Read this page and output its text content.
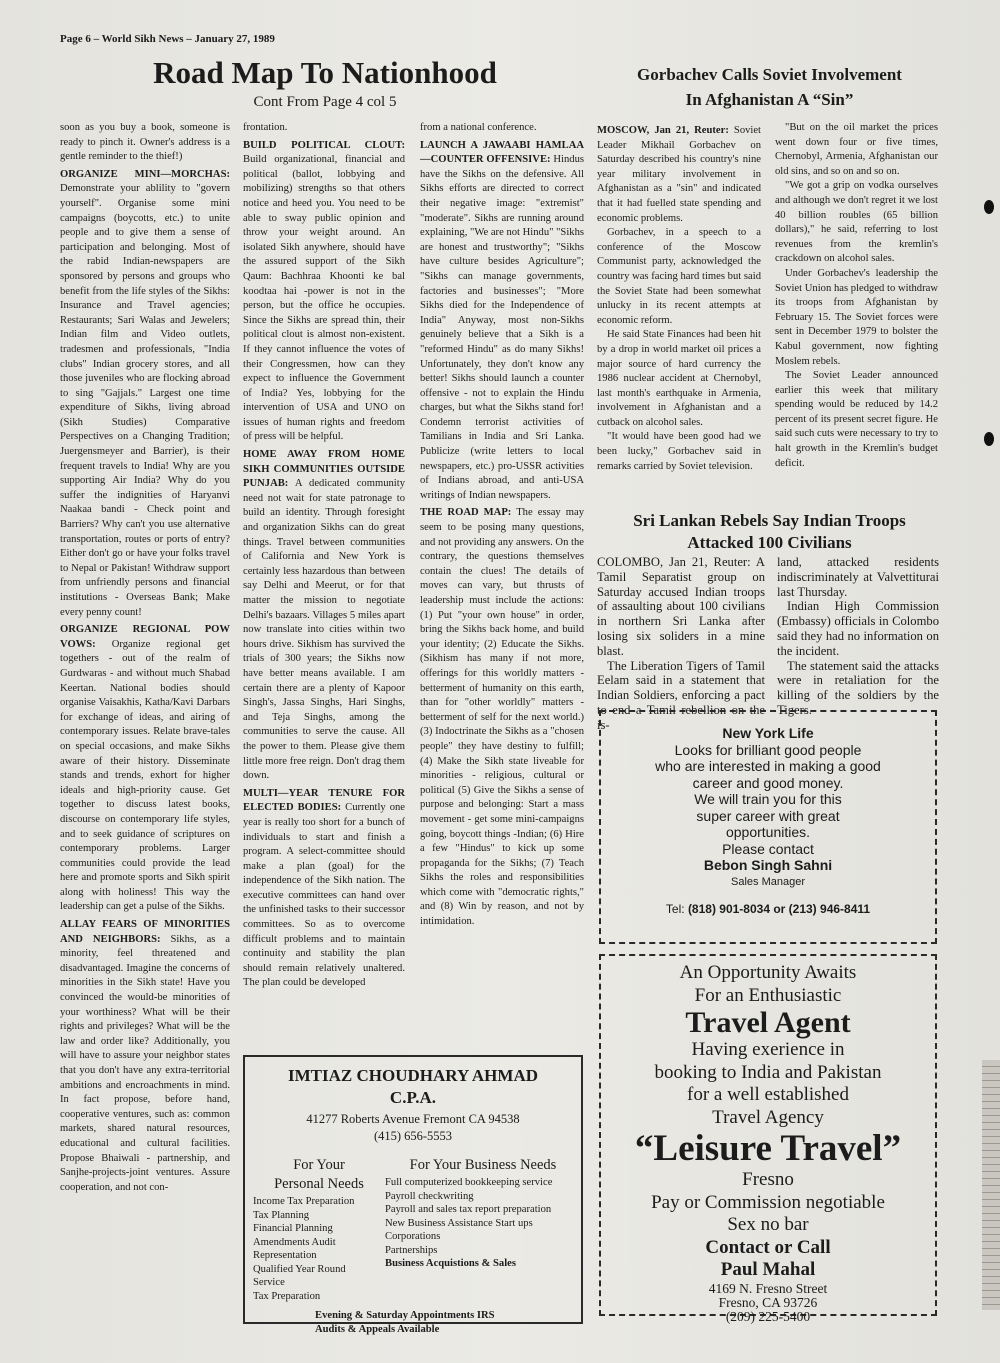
Page 6 – World Sikh News – January 27, 1989
Road Map To Nationhood
Cont From Page 4 col 5

soon as you buy a book, someone is ready to pinch it. Owner's address is a gentle reminder to the thief!)

ORGANIZE MINI—MORCHAS: Demonstrate your ablility to "govern yourself". Organise some mini campaigns (boycotts, etc.) to unite people and to give them a sense of participation and belonging. Most of the rabid Indian-newspapers are sponsored by persons and groups who benefit from the life styles of the Sikhs: Insurance and Travel agencies; Restaurants; Sari Walas and Jewelers; Indian film and Video outlets, tradesmen and professionals, "India clubs" Indian grocery stores, and all those juveniles who are flocking abroad to sing "Gajjals." Largest one time expenditure of Sikhs, living abroad (Sikh Studies) Comparative Perspectives on a Changing Tradition; Juergensmeyer and Barrier), is their frequent travels to India! Why are you supporting Air India? Why do you suffer the indignities of Haryanvi Naakaa bandi - Check point and Barriers? Why can't you use alternative transportation, routes or ports of entry? Either don't go or have your folks travel to Nepal or Pakistan! Withdraw support from unfriendly persons and financial institutions - Overseas Bank; Make every penny count!

ORGANIZE REGIONAL POW VOWS: Organize regional get togethers - out of the realm of Gurdwaras - and without much Shabad Keertan. National bodies should organise Vaisakhis, Katha/Kavi Darbars for exchange of ideas, and airing of contemporary issues. Relate brave-tales on special occasions, and make Sikhs aware of their history. Disseminate stands and trends, exhort for higher ideals and high-priority cause. Get together to discuss latest books, discourse on contemporary life styles, and to seek guidance of scriptures on contemporary problems. Larger communities could provide the lead here and promote sports and Sikh spirit along with holiness! This way the leadership can get a pulse of the Sikhs.

ALLAY FEARS OF MINORITIES AND NEIGHBORS: Sikhs, as a minority, feel threatened and disadvantaged. Imagine the concerns of minorities in the Sikh state! Have you convinced the would-be minorities of your worthiness? What will be their rights and privileges? What will be the law and order like? Additionally, you will have to assure your neighbor states that you don't have any extra-territorial ambitions and encroachments in mind. In fact propose, before hand, cooperative ventures, such as: common markets, shared natural resources, educational and cultural facilities. Propose Bhaiwali - partnership, and Sanjhe-projects-joint ventures. Assure cooperation, and not con-

frontation.

BUILD POLITICAL CLOUT: Build organizational, financial and political (ballot, lobbying and mobilizing) strengths so that others notice and heed you. You need to be able to sway public opinion and throw your weight around. An isolated Sikh anywhere, should have the assured support of the Sikh Qaum: Bachhraa Khoonti ke bal koodtaa hai -power is not in the person, but the office he occupies. Since the Sikhs are spread thin, their political clout is almost non-existent. If they cannot influence the votes of their Congressmen, how can they expect to influence the Government of India? Yes, lobbying for the intervention of USA and UNO on issues of human rights and freedom of press will be helpful.

HOME AWAY FROM HOME SIKH COMMUNITIES OUTSIDE PUNJAB: A dedicated community need not wait for state patronage to build an identity. Through foresight and organization Sikhs can do great things. Travel between communities of California and New York is certainly less hazardous than between say Delhi and Meerut, or for that matter the mission to negotiate Delhi's bazaars. Villages 5 miles apart now translate into cities within two hours drive. Sikhism has survived the trials of 300 years; the Sikhs now have better means available. I am certain there are a plenty of Kapoor Singh's, Jassa Singhs, Hari Singhs, and Teja Singhs, among the communities to serve the cause. All the power to them. Please give them little more free reign. Don't drag them down.

MULTI—YEAR TENURE FOR ELECTED BODIES: Currently one year is really too short for a bunch of individuals to start and finish a program. A select-committee should make a plan (goal) for the independence of the Sikh nation. The executive committees can hand over the unfinished tasks to their successor committees. So as to overcome difficult problems and to maintain continuity and stability the plan should remain relatively unaltered. The plan could be developed

from a national conference.

LAUNCH A JAWAABI HAMLAA—COUNTER OFFENSIVE: Hindus have the Sikhs on the defensive. All Sikhs efforts are directed to correct their negative image: "extremist" "moderate". Sikhs are running around explaining, "We are not Hindu" "Sikhs are honest and trustworthy"; "Sikhs have culture besides Agriculture"; "Sikhs can manage governments, factories and businesses"; "More Sikhs died for the Independence of India" Anyway, most non-Sikhs genuinely believe that a Sikh is a "reformed Hindu" as do many Sikhs! Unfortunately, they don't know any better! Sikhs should launch a counter offensive - not to explain the Hindu charges, but what the Sikhs stand for! Condemn terrorist activities of Tamilians in India and Sri Lanka. Publicize (write letters to local newspapers, etc.) pro-USSR activities of Indians abroad, and anti-USA writings of Indian newspapers.

THE ROAD MAP: The essay may seem to be posing many questions, and not providing any answers. On the contrary, the questions themselves contain the clues! The details of moves can vary, but thrusts of leadership must include the actions: (1) Put "your own house" in order, bring the Sikhs back home, and build your identity; (2) Educate the Sikhs. (Sikhism has many if not more, offerings for this worldly matters -betterment of humanity on this earth, than for "other worldly" matters - betterment of self for the next world.) (3) Indoctrinate the Sikhs as a "chosen people" they have destiny to fulfill; (4) Make the Sikh state liveable for minorities - religious, cultural or political (5) Give the Sikhs a sense of purpose and belonging: Start a mass movement - get some mini-campaigns going, boycott things -Indian; (6) Hire a few "Hindus" to kick up some propaganda for the Sikhs; (7) Teach Sikhs the roles and responsibilities which come with "democratic rights," and (8) Win by reason, and not by intimidation.

Gorbachev Calls Soviet Involvement
In Afghanistan A “Sin”

MOSCOW, Jan 21, Reuter: Soviet Leader Mikhail Gorbachev on Saturday described his country's nine year military involvement in Afghanistan as a "sin" and indicated that it had fuelled state spending and economic problems.

Gorbachev, in a speech to a conference of the Moscow Communist party, acknowledged the country was facing hard times but said the Soviet State had been somewhat unlucky in its recent attempts at economic reform.

He said State Finances had been hit by a drop in world market oil prices a major source of hard currency the 1986 nuclear accident at Chernobyl, last month's earthquake in Armenia, involvement in Afghanistan and a cutback on alcohol sales.

"It would have been good had we been lucky," Gorbachev said in remarks carried by Soviet television.

"But on the oil market the prices went down four or five times, Chernobyl, Armenia, Afghanistan our old sins, and so on and so on.

"We got a grip on vodka ourselves and although we don't regret it we lost 40 billion roubles (65 billion dollars)," he said, referring to lost revenues from the kremlin's crackdown on alcohol sales.

Under Gorbachev's leadership the Soviet Union has pledged to withdraw its troops from Afghanistan by February 15. The Soviet forces were sent in December 1979 to bolster the Kabul government, now fighting Moslem rebels.

The Soviet Leader announced earlier this week that military spending would be reduced by 14.2 percent of its present secret figure. He said such cuts were necessary to try to halt growth in the Kremlin's budget deficit.

Sri Lankan Rebels Say Indian Troops
Attacked 100 Civilians

COLOMBO, Jan 21, Reuter: A Tamil Separatist group on Saturday accused Indian troops of assaulting about 100 civilians in northern Sri Lanka after losing six soliders in a mine blast.

The Liberation Tigers of Tamil Eelam said in a statement that Indian Soldiers, enforcing a pact to end a Tamil rebellion on the is-

land, attacked residents indiscriminately at Valvettiturai last Thursday.

Indian High Commission (Embassy) officials in Colombo said they had no information on the incident.

The statement said the attacks were in retaliation for the killing of the soldiers by the Tigers.

New York Life
Looks for brilliant good people
who are interested in making a good
career and good money.
We will train you for this
super career with great
opportunities.
Please contact
Bebon Singh Sahni
Sales Manager
Tel: (818) 901-8034 or (213) 946-8411
An Opportunity Awaits
For an Enthusiastic
Travel Agent
Having exerience in
booking to India and Pakistan
for a well established
Travel Agency
“Leisure Travel”
Fresno
Pay or Commission negotiable
Sex no bar
Contact or Call
Paul Mahal
4169 N. Fresno Street
Fresno, CA 93726
(209) 225-5400
IMTIAZ CHOUDHARY AHMAD
C.P.A.
41277 Roberts Avenue Fremont CA 94538
(415) 656-5553
For Your
Personal Needs
Income Tax Preparation
Tax Planning
Financial Planning
Amendments Audit
Representation
Qualified Year Round
Service
Tax Preparation
For Your Business Needs
Full computerized bookkeeping service
Payroll checkwriting
Payroll and sales tax report preparation
New Business Assistance Start ups
Corporations
Partnerships
Business Acquistions & Sales
Evening & Saturday Appointments IRS
Audits & Appeals Available
